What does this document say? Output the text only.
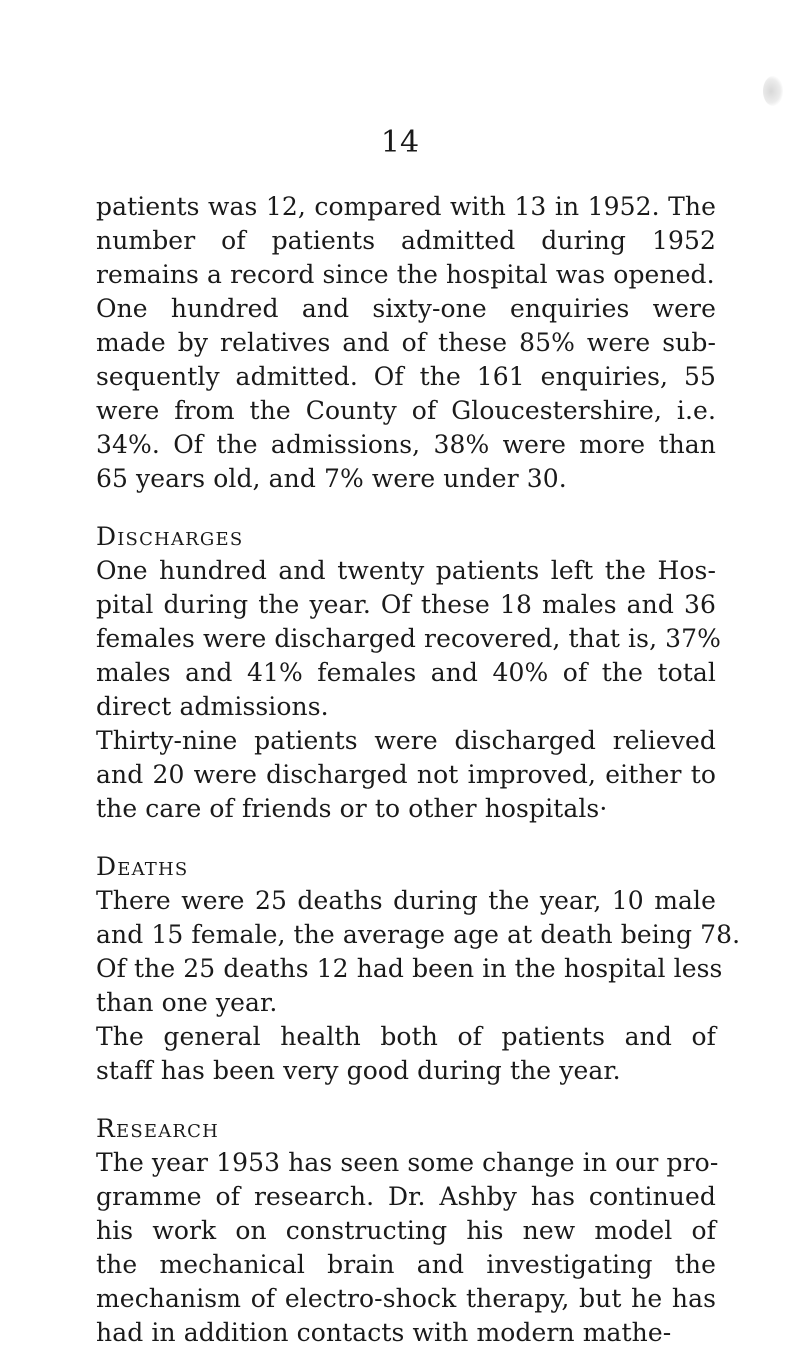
14
patients was 12, compared with 13 in 1952. The
number of patients admitted during 1952
remains a record since the hospital was opened.
One hundred and sixty-one enquiries were
made by relatives and of these 85% were sub-
sequently admitted. Of the 161 enquiries, 55
were from the County of Gloucestershire, i.e.
34%. Of the admissions, 38% were more than
65 years old, and 7% were under 30.
Discharges
One hundred and twenty patients left the Hos-
pital during the year. Of these 18 males and 36
females were discharged recovered, that is, 37%
males and 41% females and 40% of the total
direct admissions.
Thirty-nine patients were discharged relieved
and 20 were discharged not improved, either to
the care of friends or to other hospitals·
Deaths
There were 25 deaths during the year, 10 male
and 15 female, the average age at death being 78.
Of the 25 deaths 12 had been in the hospital less
than one year.
The general health both of patients and of
staff has been very good during the year.
Research
The year 1953 has seen some change in our pro-
gramme of research. Dr. Ashby has continued
his work on constructing his new model of
the mechanical brain and investigating the
mechanism of electro-shock therapy, but he has
had in addition contacts with modern mathe-
